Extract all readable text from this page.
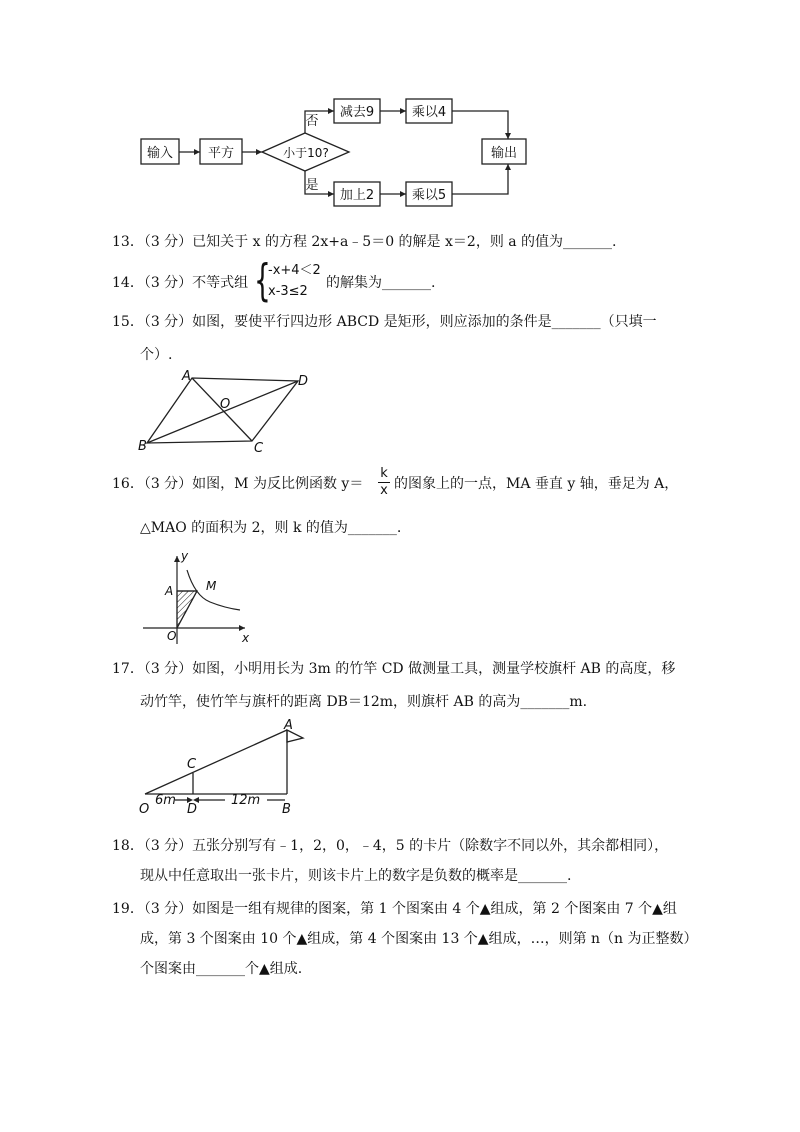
输入	平方	小于10?
否
是
减去9	乘以4
加上2	乘以5
输出
13．（3 分）已知关于 x 的方程 2x+a﹣5＝0 的解是 x＝2，则 a 的值为_______.
14．（3 分）不等式组 {
-x+4＜2
x-3≤2
的解集为_______.
15．（3 分）如图，要使平行四边形 ABCD 是矩形，则应添加的条件是_______（只填一
个）.
A	D
B	C
O
16．（3 分）如图，M 为反比例函数 $y= \frac{k}{x}$ 的图象上的一点，MA 垂直 y 轴，垂足为 A，
△MAO 的面积为 2，则 k 的值为_______.
y
x
A	M
O
17．（3 分）如图，小明用长为 3m 的竹竿 CD 做测量工具，测量学校旗杆 AB 的高度，移
动竹竿，使竹竿与旗杆的距离 DB＝12m，则旗杆 AB 的高为_______m.
A
C
O	D	B
6m	12m
18．（3 分）五张分别写有﹣1，2，0，﹣4，5 的卡片（除数字不同以外，其余都相同），
现从中任意取出一张卡片，则该卡片上的数字是负数的概率是_______.
19．（3 分）如图是一组有规律的图案，第 1 个图案由 4 个▲组成，第 2 个图案由 7 个▲组
成，第 3 个图案由 10 个▲组成，第 4 个图案由 13 个▲组成，…，则第 n（n 为正整数）
个图案由_______个▲组成.
